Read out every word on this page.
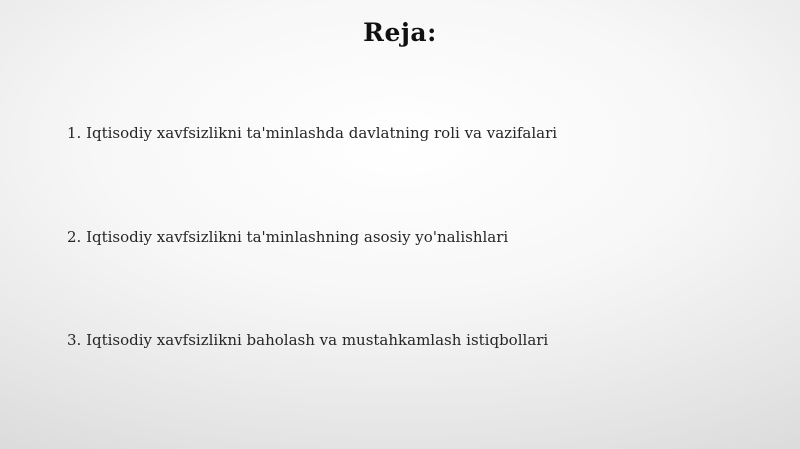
Reja:
1. Iqtisodiy xavfsizlikni ta'minlashda davlatning roli va vazifalari
2. Iqtisodiy xavfsizlikni ta'minlashning asosiy yo'nalishlari
3. Iqtisodiy xavfsizlikni baholash va mustahkamlash istiqbollari
